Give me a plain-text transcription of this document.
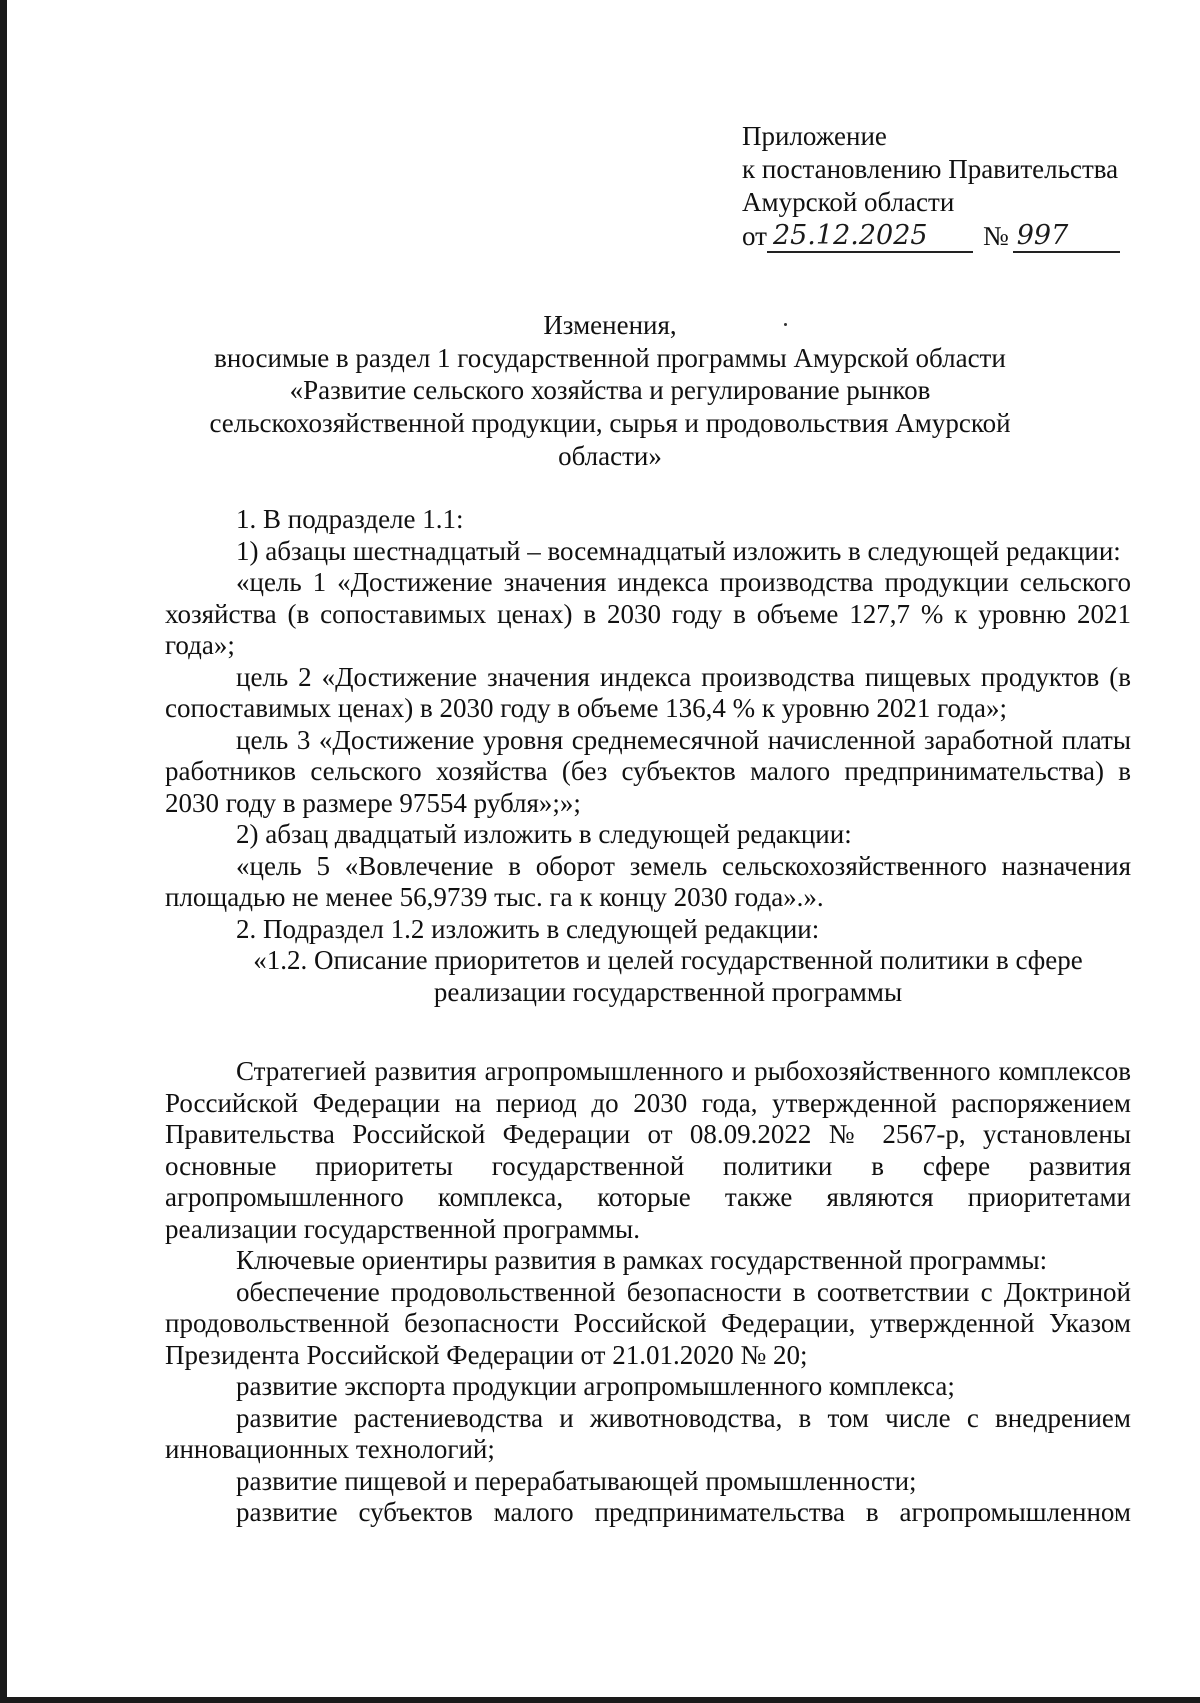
Приложение
к постановлению Правительства
Амурской области
от 25.12.2025	№ 997
Изменения,
вносимые в раздел 1 государственной программы Амурской области
«Развитие сельского хозяйства и регулирование рынков
сельскохозяйственной продукции, сырья и продовольствия Амурской
области»

1. В подразделе 1.1:

1) абзацы шестнадцатый – восемнадцатый изложить в следующей редакции:

«цель 1 «Достижение значения индекса производства продукции сельского хозяйства (в сопоставимых ценах) в 2030 году в объеме 127,7 % к уровню 2021 года»;

цель 2 «Достижение значения индекса производства пищевых продуктов (в сопоставимых ценах) в 2030 году в объеме 136,4 % к уровню 2021 года»;

цель 3 «Достижение уровня среднемесячной начисленной заработной платы работников сельского хозяйства (без субъектов малого предпринимательства) в 2030 году в размере 97554 рубля»;»;

2) абзац двадцатый изложить в следующей редакции:

«цель 5 «Вовлечение в оборот земель сельскохозяйственного назначения площадью не менее 56,9739 тыс. га к концу 2030 года».».

2. Подраздел 1.2 изложить в следующей редакции:

«1.2. Описание приоритетов и целей государственной политики в сфере реализации государственной программы

Стратегией развития агропромышленного и рыбохозяйственного комплексов Российской Федерации на период до 2030 года, утвержденной распоряжением Правительства Российской Федерации от 08.09.2022 № 2567-р, установлены основные приоритеты государственной политики в сфере развития агропромышленного комплекса, которые также являются приоритетами реализации государственной программы.

Ключевые ориентиры развития в рамках государственной программы:

обеспечение продовольственной безопасности в соответствии с Доктриной продовольственной безопасности Российской Федерации, утвержденной Указом Президента Российской Федерации от 21.01.2020 № 20;

развитие экспорта продукции агропромышленного комплекса;

развитие растениеводства и животноводства, в том числе с внедрением инновационных технологий;

развитие пищевой и перерабатывающей промышленности;

развитие субъектов малого предпринимательства в агропромышленном
